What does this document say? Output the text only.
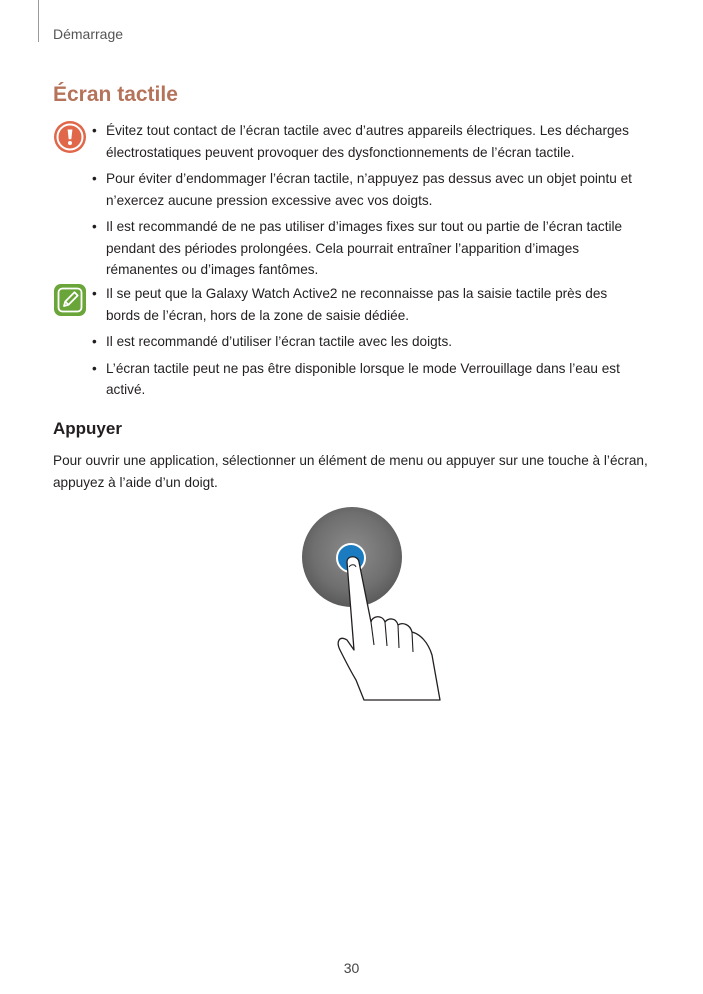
Démarrage
Écran tactile
• Évitez tout contact de l’écran tactile avec d’autres appareils électriques. Les décharges électrostatiques peuvent provoquer des dysfonctionnements de l’écran tactile.
• Pour éviter d’endommager l’écran tactile, n’appuyez pas dessus avec un objet pointu et n’exercez aucune pression excessive avec vos doigts.
• Il est recommandé de ne pas utiliser d’images fixes sur tout ou partie de l’écran tactile pendant des périodes prolongées. Cela pourrait entraîner l’apparition d’images rémanentes ou d’images fantômes.
• Il se peut que la Galaxy Watch Active2 ne reconnaisse pas la saisie tactile près des bords de l’écran, hors de la zone de saisie dédiée.
• Il est recommandé d’utiliser l’écran tactile avec les doigts.
• L’écran tactile peut ne pas être disponible lorsque le mode Verrouillage dans l’eau est activé.
Appuyer

Pour ouvrir une application, sélectionner un élément de menu ou appuyer sur une touche à l’écran, appuyez à l’aide d’un doigt.

30
